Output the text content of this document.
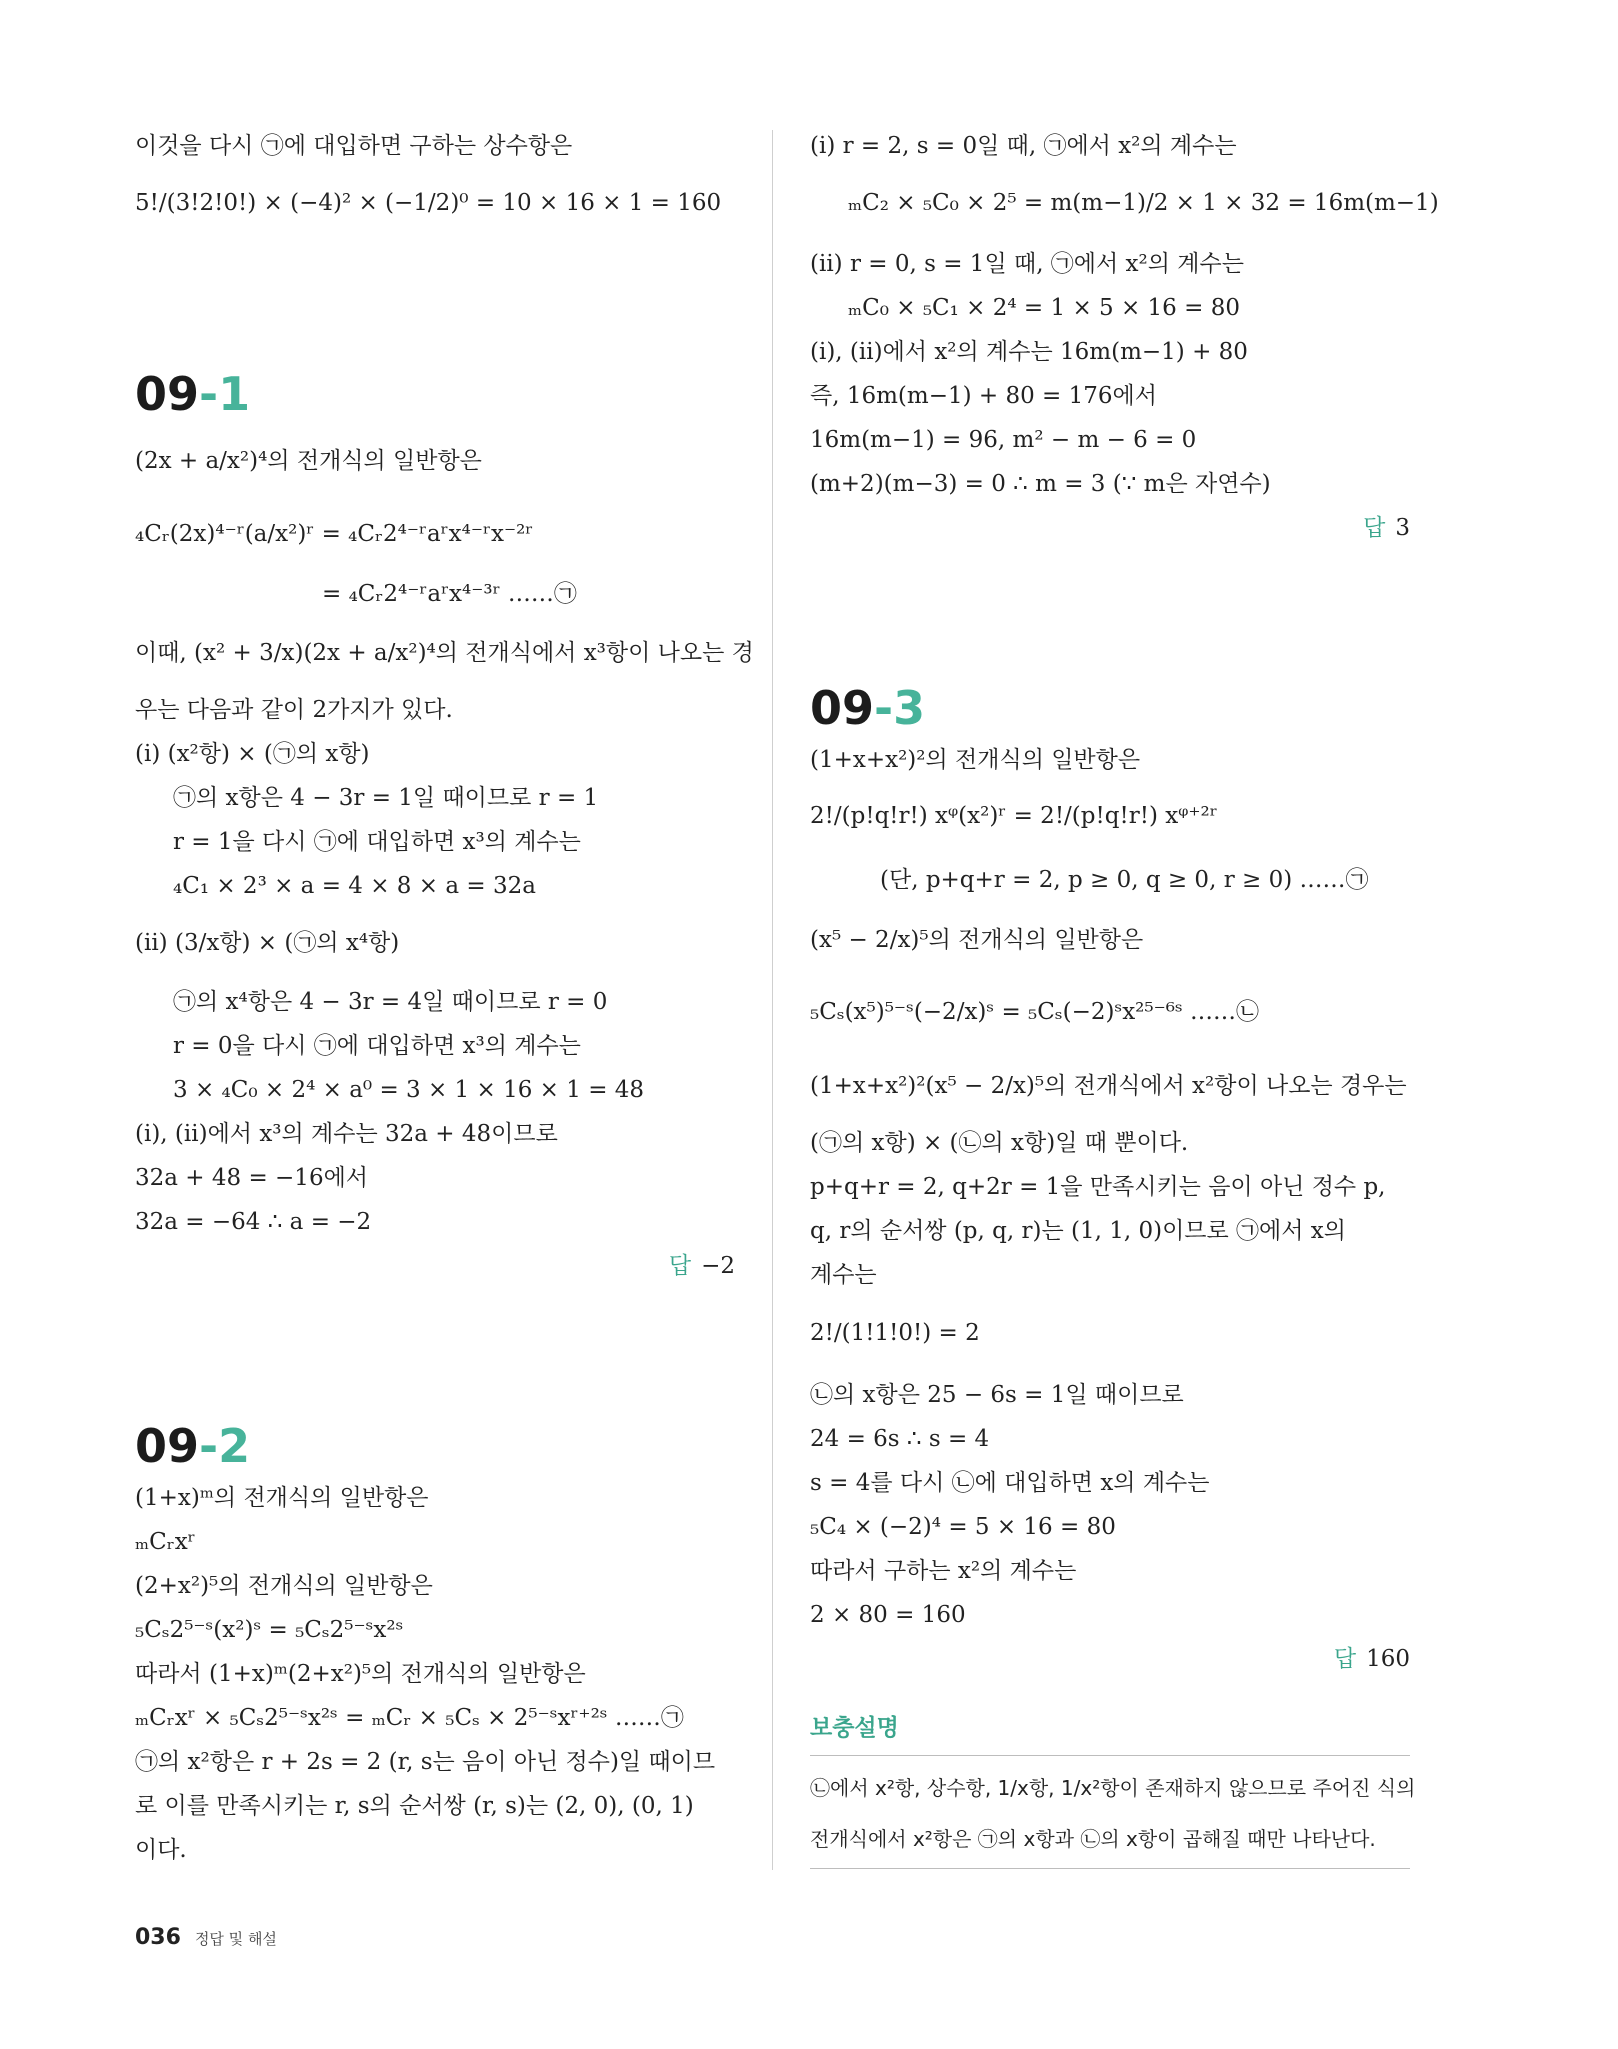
이것을 다시 ㉠에 대입하면 구하는 상수항은
5!/(3!2!0!) × (−4)² × (−1/2)⁰ = 10 × 16 × 1 = 160
09-1
(2x + a/x²)⁴의 전개식의 일반항은
₄Cᵣ(2x)⁴⁻ʳ(a/x²)ʳ = ₄Cᵣ2⁴⁻ʳaʳx⁴⁻ʳx⁻²ʳ
= ₄Cᵣ2⁴⁻ʳaʳx⁴⁻³ʳ ……㉠
이때, (x² + 3/x)(2x + a/x²)⁴의 전개식에서 x³항이 나오는 경
우는 다음과 같이 2가지가 있다.
(ⅰ) (x²항) × (㉠의 x항)
㉠의 x항은 4 − 3r = 1일 때이므로 r = 1
r = 1을 다시 ㉠에 대입하면 x³의 계수는
₄C₁ × 2³ × a = 4 × 8 × a = 32a
(ⅱ) (3/x항) × (㉠의 x⁴항)
㉠의 x⁴항은 4 − 3r = 4일 때이므로 r = 0
r = 0을 다시 ㉠에 대입하면 x³의 계수는
3 × ₄C₀ × 2⁴ × a⁰ = 3 × 1 × 16 × 1 = 48
(ⅰ), (ⅱ)에서 x³의 계수는 32a + 48이므로
32a + 48 = −16에서
32a = −64 ∴ a = −2
답 −2
09-2
(1+x)ᵐ의 전개식의 일반항은
ₘCᵣxʳ
(2+x²)⁵의 전개식의 일반항은
₅Cₛ2⁵⁻ˢ(x²)ˢ = ₅Cₛ2⁵⁻ˢx²ˢ
따라서 (1+x)ᵐ(2+x²)⁵의 전개식의 일반항은
ₘCᵣxʳ × ₅Cₛ2⁵⁻ˢx²ˢ = ₘCᵣ × ₅Cₛ × 2⁵⁻ˢxʳ⁺²ˢ ……㉠
㉠의 x²항은 r + 2s = 2 (r, s는 음이 아닌 정수)일 때이므
로 이를 만족시키는 r, s의 순서쌍 (r, s)는 (2, 0), (0, 1)
이다.
(ⅰ) r = 2, s = 0일 때, ㉠에서 x²의 계수는
ₘC₂ × ₅C₀ × 2⁵ = m(m−1)/2 × 1 × 32 = 16m(m−1)
(ⅱ) r = 0, s = 1일 때, ㉠에서 x²의 계수는
ₘC₀ × ₅C₁ × 2⁴ = 1 × 5 × 16 = 80
(ⅰ), (ⅱ)에서 x²의 계수는 16m(m−1) + 80
즉, 16m(m−1) + 80 = 176에서
16m(m−1) = 96, m² − m − 6 = 0
(m+2)(m−3) = 0 ∴ m = 3 (∵ m은 자연수)
답 3
09-3
(1+x+x²)²의 전개식의 일반항은
2!/(p!q!r!) xᵠ(x²)ʳ = 2!/(p!q!r!) xᵠ⁺²ʳ
(단, p+q+r = 2, p ≥ 0, q ≥ 0, r ≥ 0) ……㉠
(x⁵ − 2/x)⁵의 전개식의 일반항은
₅Cₛ(x⁵)⁵⁻ˢ(−2/x)ˢ = ₅Cₛ(−2)ˢx²⁵⁻⁶ˢ ……㉡
(1+x+x²)²(x⁵ − 2/x)⁵의 전개식에서 x²항이 나오는 경우는
(㉠의 x항) × (㉡의 x항)일 때 뿐이다.
p+q+r = 2, q+2r = 1을 만족시키는 음이 아닌 정수 p,
q, r의 순서쌍 (p, q, r)는 (1, 1, 0)이므로 ㉠에서 x의
계수는
2!/(1!1!0!) = 2
㉡의 x항은 25 − 6s = 1일 때이므로
24 = 6s ∴ s = 4
s = 4를 다시 ㉡에 대입하면 x의 계수는
₅C₄ × (−2)⁴ = 5 × 16 = 80
따라서 구하는 x²의 계수는
2 × 80 = 160
답 160
보충설명
㉡에서 x²항, 상수항, 1/x항, 1/x²항이 존재하지 않으므로 주어진 식의
전개식에서 x²항은 ㉠의 x항과 ㉡의 x항이 곱해질 때만 나타난다.
036 정답 및 해설
